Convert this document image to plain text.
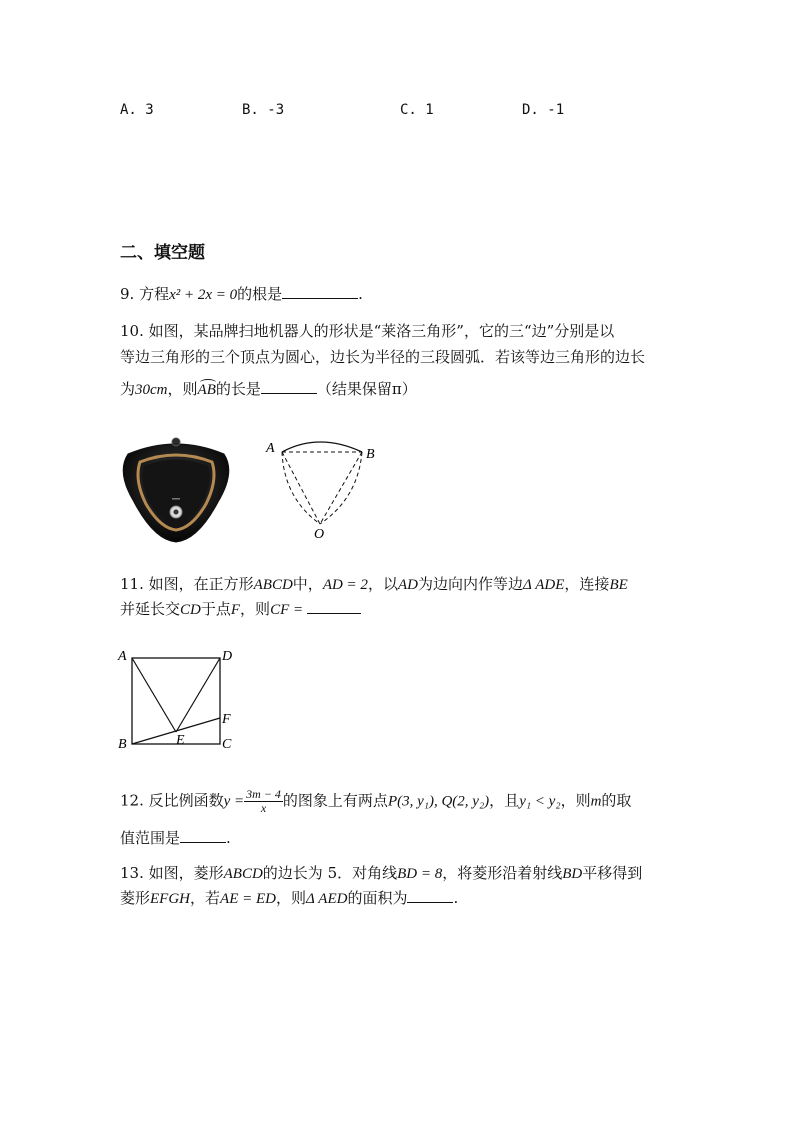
A. 3	B. -3	C. 1	D. -1
二、填空题
9. 方程x² + 2x = 0的根是	.
10. 如图，某品牌扫地机器人的形状是“莱洛三角形”，它的三“边”分别是以
等边三角形的三个顶点为圆心，边长为半径的三段圆弧．若该等边三角形的边长
为30cm，则
AB的长是	（结果保留π）
A	B
O
11. 如图，在正方形ABCD中，AD = 2，以AD为边向内作等边Δ ADE，连接BE
并延长交CD于点F，则CF =
A	D
B	C
F
E
12. 反比例函数$y = \frac{3m - 4}{x}$ 的图象上有两点P(3, y₁), Q(2, y₂)，且y₁ < y₂，则m的取
值范围是	.
13. 如图，菱形ABCD的边长为 5．对角线BD = 8，将菱形沿着射线BD平移得到
菱形EFGH，若AE = ED，则Δ AED的面积为	.
